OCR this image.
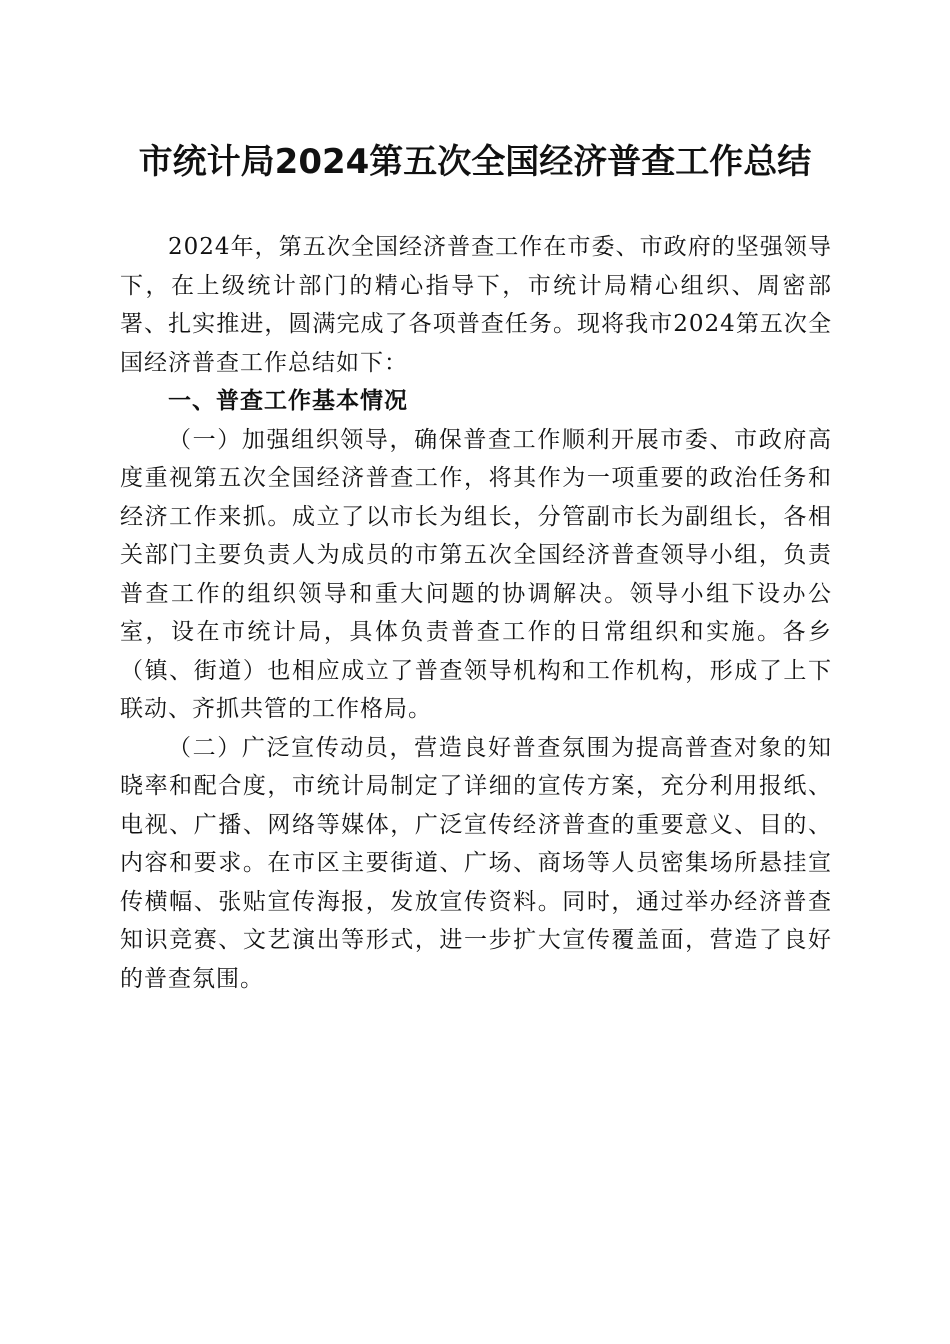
市统计局2024第五次全国经济普查工作总结

2024年，第五次全国经济普查工作在市委、市政府的坚强领导下，在上级统计部门的精心指导下，市统计局精心组织、周密部署、扎实推进，圆满完成了各项普查任务。现将我市2024第五次全国经济普查工作总结如下：

一、普查工作基本情况

（一）加强组织领导，确保普查工作顺利开展市委、市政府高度重视第五次全国经济普查工作，将其作为一项重要的政治任务和经济工作来抓。成立了以市长为组长，分管副市长为副组长，各相关部门主要负责人为成员的市第五次全国经济普查领导小组，负责普查工作的组织领导和重大问题的协调解决。领导小组下设办公室，设在市统计局，具体负责普查工作的日常组织和实施。各乡（镇、街道）也相应成立了普查领导机构和工作机构，形成了上下联动、齐抓共管的工作格局。

（二）广泛宣传动员，营造良好普查氛围为提高普查对象的知晓率和配合度，市统计局制定了详细的宣传方案，充分利用报纸、电视、广播、网络等媒体，广泛宣传经济普查的重要意义、目的、内容和要求。在市区主要街道、广场、商场等人员密集场所悬挂宣传横幅、张贴宣传海报，发放宣传资料。同时，通过举办经济普查知识竞赛、文艺演出等形式，进一步扩大宣传覆盖面，营造了良好的普查氛围。
